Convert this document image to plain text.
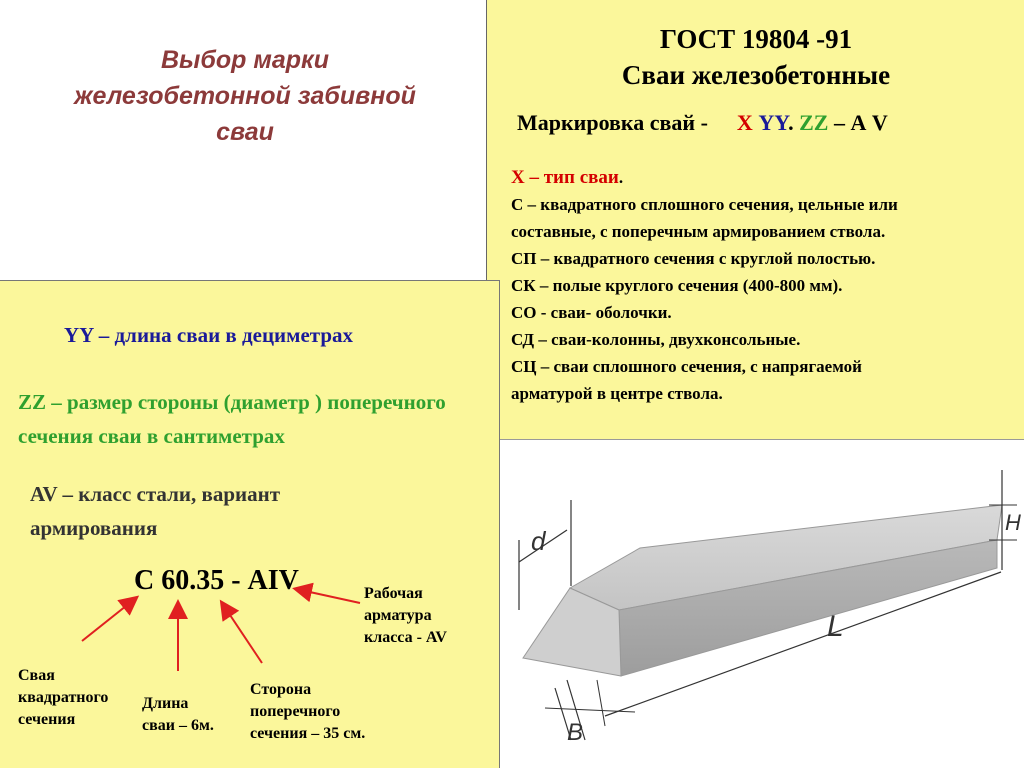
Выбор марки
железобетонной забивной
сваи
ГОСТ 19804 -91
Сваи железобетонные
Маркировка свай - Х YY. ZZ – А V
Х – тип сваи.
С – квадратного сплошного сечения, цельные или
составные, с поперечным армированием ствола.
СП – квадратного сечения с круглой полостью.
СК – полые круглого сечения (400-800 мм).
СО - сваи- оболочки.
СД – сваи-колонны, двухконсольные.
СЦ – сваи сплошного сечения, с напрягаемой
арматурой в центре ствола.
YY – длина сваи в дециметрах
ZZ – размер стороны (диаметр ) поперечного
сечения сваи в сантиметрах
AV – класс стали, вариант
армирования
С 60.35 - AIV
Свая
квадратного
сечения
Длина
сваи – 6м.
Сторона
поперечного
сечения – 35 см.
Рабочая
арматура
класса - AV
d
H
L
B
